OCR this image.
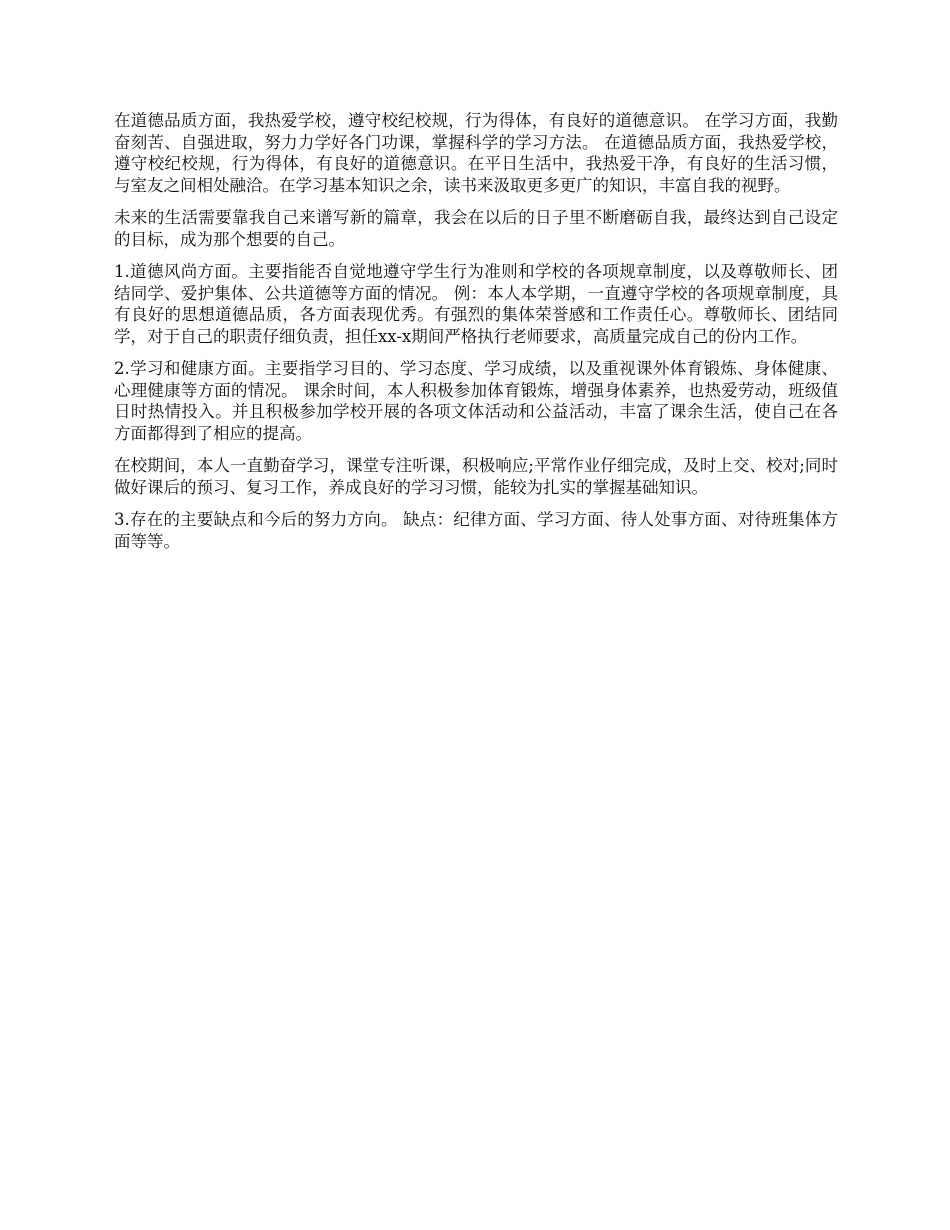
在道德品质方面，我热爱学校，遵守校纪校规，行为得体，有良好的道德意识。 在学习方面，我勤奋刻苦、自强进取，努力力学好各门功课，掌握科学的学习方法。 在道德品质方面，我热爱学校，遵守校纪校规，行为得体，有良好的道德意识。在平日生活中，我热爱干净，有良好的生活习惯，与室友之间相处融洽。在学习基本知识之余，读书来汲取更多更广的知识，丰富自我的视野。

未来的生活需要靠我自己来谱写新的篇章，我会在以后的日子里不断磨砺自我，最终达到自己设定的目标，成为那个想要的自己。

1.道德风尚方面。主要指能否自觉地遵守学生行为准则和学校的各项规章制度，以及尊敬师长、团结同学、爱护集体、公共道德等方面的情况。 例：本人本学期，一直遵守学校的各项规章制度，具有良好的思想道德品质，各方面表现优秀。有强烈的集体荣誉感和工作责任心。尊敬师长、团结同学，对于自己的职责仔细负责，担任xx-x期间严格执行老师要求，高质量完成自己的份内工作。

2.学习和健康方面。主要指学习目的、学习态度、学习成绩，以及重视课外体育锻炼、身体健康、心理健康等方面的情况。 课余时间，本人积极参加体育锻炼，增强身体素养，也热爱劳动，班级值日时热情投入。并且积极参加学校开展的各项文体活动和公益活动，丰富了课余生活，使自己在各方面都得到了相应的提高。

在校期间，本人一直勤奋学习，课堂专注听课，积极响应;平常作业仔细完成，及时上交、校对;同时做好课后的预习、复习工作，养成良好的学习习惯，能较为扎实的掌握基础知识。

3.存在的主要缺点和今后的努力方向。 缺点：纪律方面、学习方面、待人处事方面、对待班集体方面等等。
